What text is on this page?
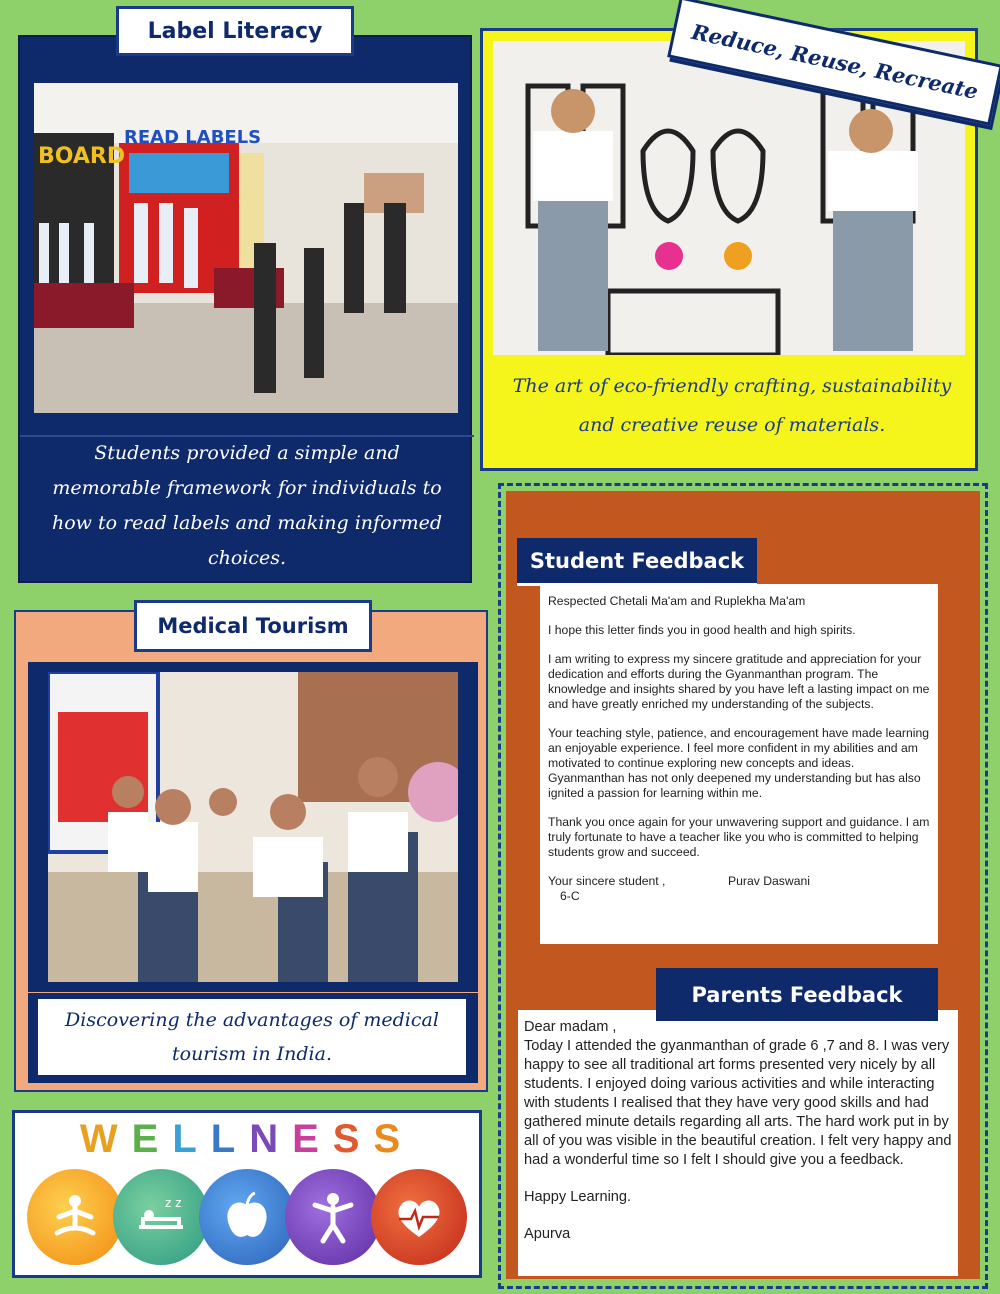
BOARD
READ LABELS
Students provided a simple and memorable framework for individuals to how to read labels and making informed choices.
Label Literacy
The art of eco-friendly crafting, sustainability
and creative reuse of materials.
Reduce, Reuse, Recreate
Medical Tourism
Discovering the advantages of medical tourism in India.
WELLNESS
z z
Student Feedback

Respected Chetali Ma'am and Ruplekha Ma'am

I hope this letter finds you in good health and high spirits.

I am writing to express my sincere gratitude and appreciation for your dedication and efforts during the Gyanmanthan program. The knowledge and insights shared by you have left a lasting impact on me and have greatly enriched my understanding of the subjects.

Your teaching style, patience, and encouragement have made learning an enjoyable experience. I feel more confident in my abilities and am motivated to continue exploring new concepts and ideas. Gyanmanthan has not only deepened my understanding but has also ignited a passion for learning within me.

Thank you once again for your unwavering support and guidance. I am truly fortunate to have a teacher like you who is committed to helping students grow and succeed.

Your sincere student ,	Purav Daswani
6-C
Parents Feedback
Dear madam ,

Today I attended the gyanmanthan of grade 6 ,7 and 8. I was very happy to see all traditional art forms presented very nicely by all students. I enjoyed doing various activities and while interacting with students I realised that they have very good skills and had gathered minute details regarding all arts. The hard work put in by all of you was visible in the beautiful creation. I felt very happy and had a wonderful time so I felt I should give you a feedback.

Happy Learning.

Apurva
